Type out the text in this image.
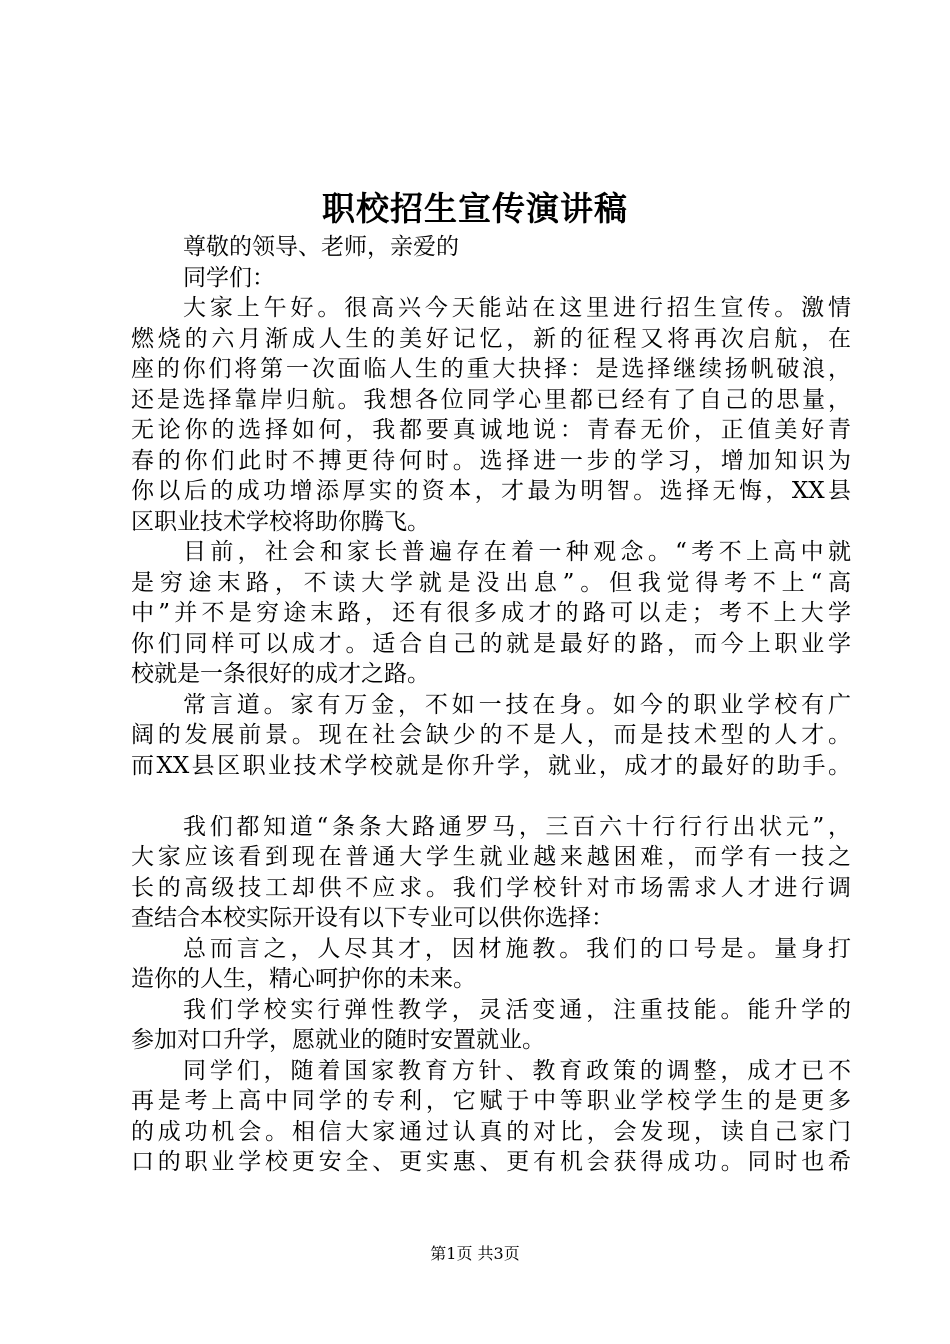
职校招生宣传演讲稿
尊敬的领导、老师，亲爱的
同学们：
大家上午好。很高兴今天能站在这里进行招生宣传。激情
燃烧的六月渐成人生的美好记忆，新的征程又将再次启航，在
座的你们将第一次面临人生的重大抉择：是选择继续扬帆破浪，
还是选择靠岸归航。我想各位同学心里都已经有了自己的思量，
无论你的选择如何，我都要真诚地说：青春无价，正值美好青
春的你们此时不搏更待何时。选择进一步的学习，增加知识为
你以后的成功增添厚实的资本，才最为明智。选择无悔，XX县
区职业技术学校将助你腾飞。
目前，社会和家长普遍存在着一种观念。“考不上高中就
是穷途末路，不读大学就是没出息”。但我觉得考不上“高
中”并不是穷途末路，还有很多成才的路可以走；考不上大学
你们同样可以成才。适合自己的就是最好的路，而今上职业学
校就是一条很好的成才之路。
常言道。家有万金，不如一技在身。如今的职业学校有广
阔的发展前景。现在社会缺少的不是人，而是技术型的人才。
而XX县区职业技术学校就是你升学，就业，成才的最好的助手。
我们都知道“条条大路通罗马，三百六十行行行出状元”，
大家应该看到现在普通大学生就业越来越困难，而学有一技之
长的高级技工却供不应求。我们学校针对市场需求人才进行调
查结合本校实际开设有以下专业可以供你选择：
总而言之，人尽其才，因材施教。我们的口号是。量身打
造你的人生，精心呵护你的未来。
我们学校实行弹性教学，灵活变通，注重技能。能升学的
参加对口升学，愿就业的随时安置就业。
同学们，随着国家教育方针、教育政策的调整，成才已不
再是考上高中同学的专利，它赋于中等职业学校学生的是更多
的成功机会。相信大家通过认真的对比，会发现，读自己家门
口的职业学校更安全、更实惠、更有机会获得成功。同时也希
第1页 共3页
